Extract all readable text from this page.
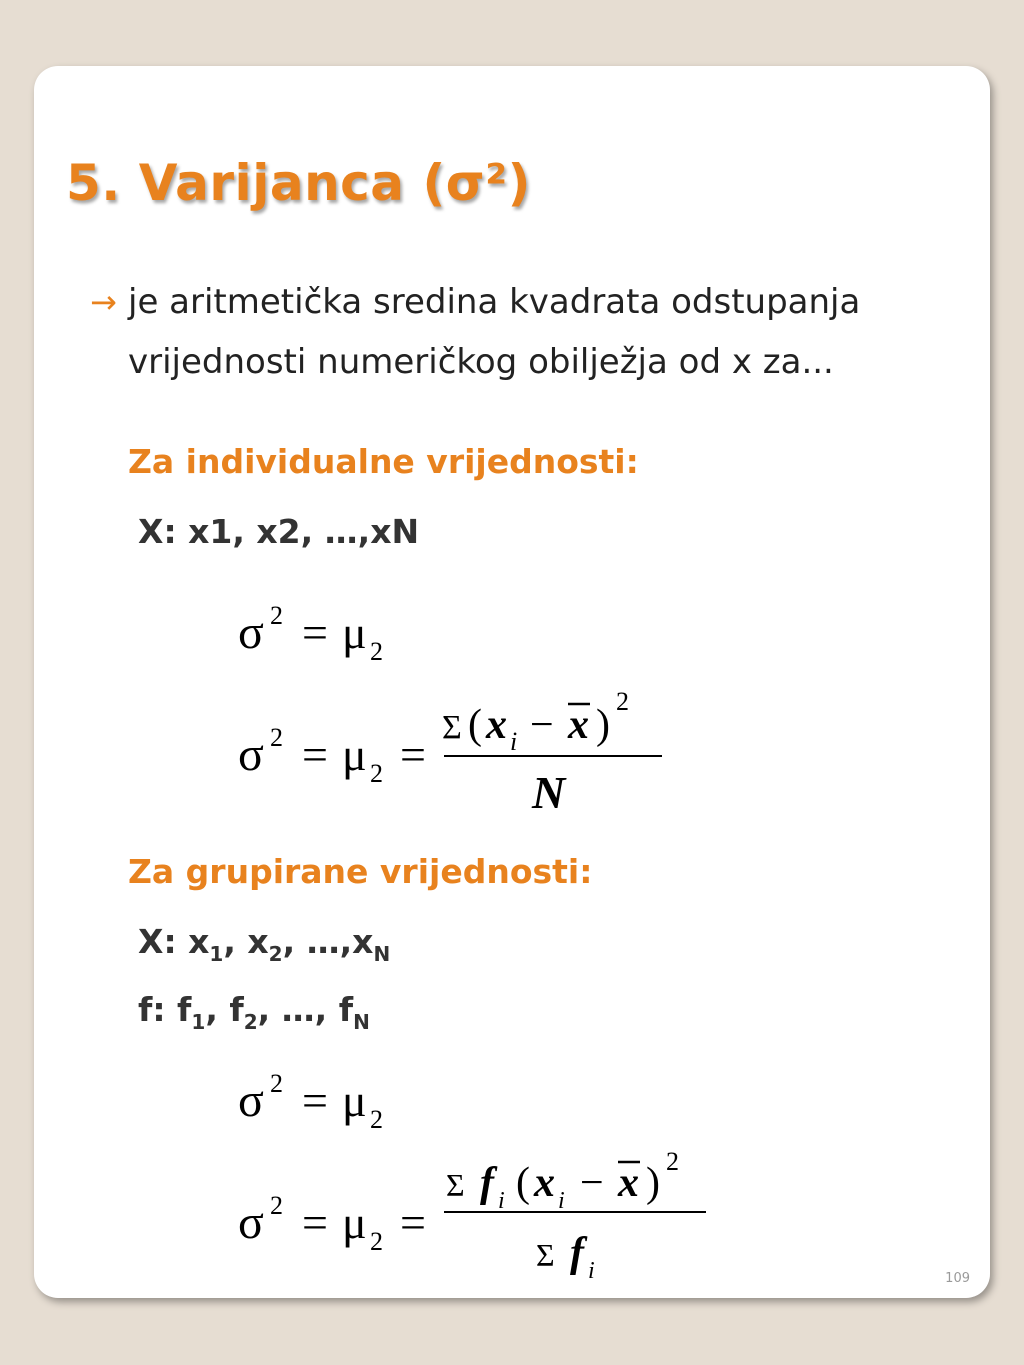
5. Varijanca (σ²)
→ je aritmetička sredina kvadrata odstupanja
vrijednosti numeričkog obilježja od x za...
Za individualne vrijednosti:
X: x1, x2, …,xN
σ 2 = μ 2
σ 2 = μ 2 =
Σ ( x i − x )
2
N
Za grupirane vrijednosti:
X: $x_1$, $x_2$, $\dots,x_N$
f: $f_1$, $f_2$, …, $f_N$
σ 2 = μ 2
σ 2 = μ 2 =
Σ f i ( x i − x ) 2
Σ f i	109
